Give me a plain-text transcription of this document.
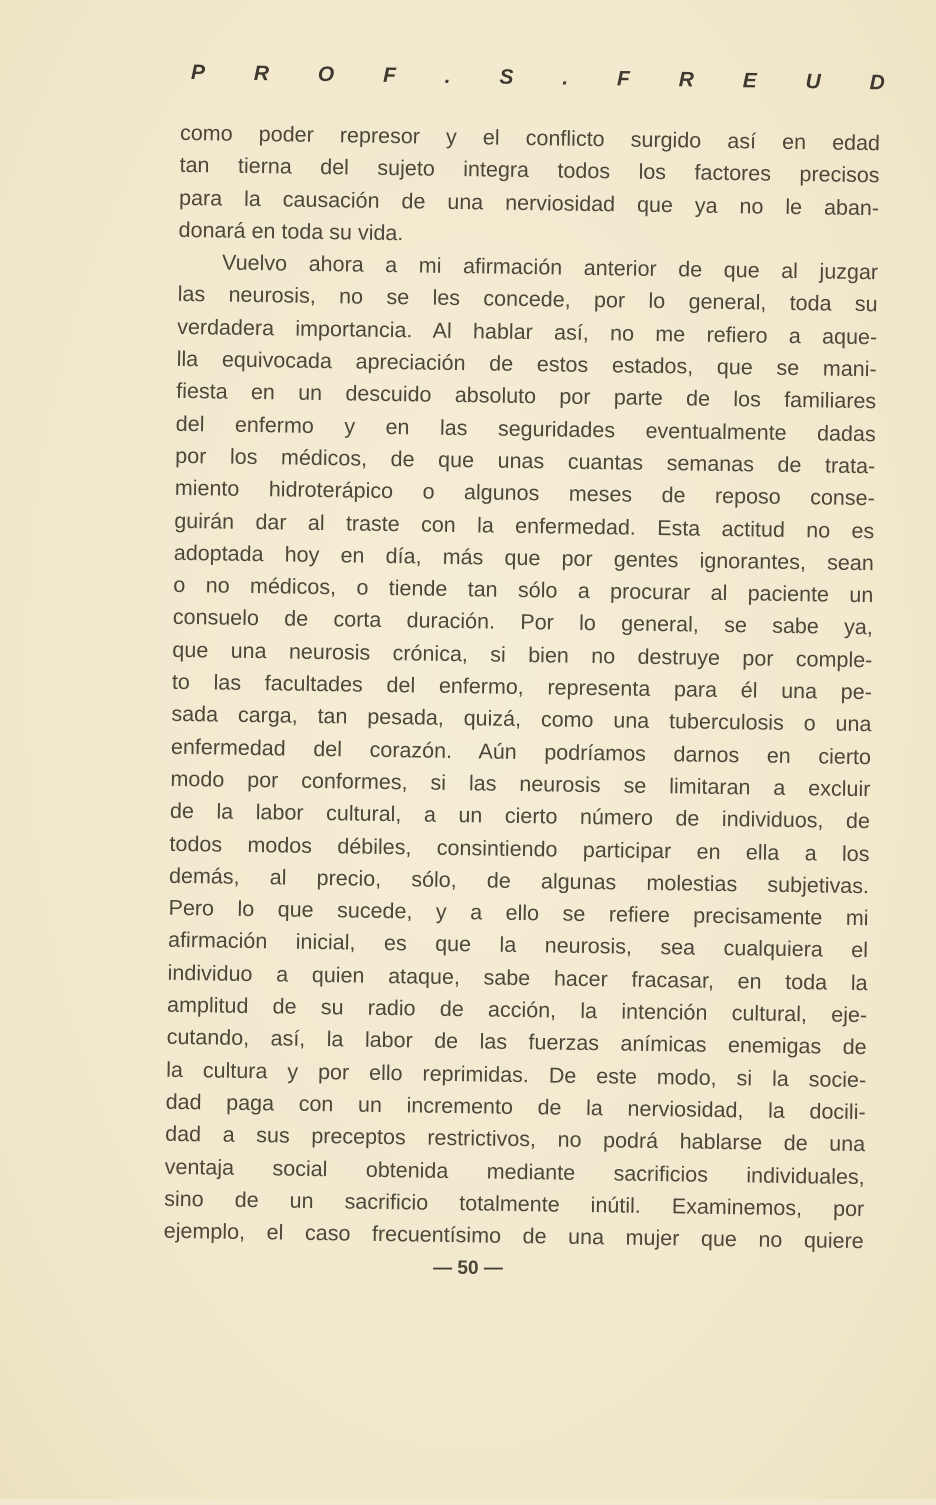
P R O F . S . F R E U D
como poder represor y el conflicto surgido así en edad
tan tierna del sujeto integra todos los factores precisos
para la causación de una nerviosidad que ya no le aban-
donará en toda su vida.
Vuelvo ahora a mi afirmación anterior de que al juzgar
las neurosis, no se les concede, por lo general, toda su
verdadera importancia. Al hablar así, no me refiero a aque-
lla equivocada apreciación de estos estados, que se mani-
fiesta en un descuido absoluto por parte de los familiares
del enfermo y en las seguridades eventualmente dadas
por los médicos, de que unas cuantas semanas de trata-
miento hidroterápico o algunos meses de reposo conse-
guirán dar al traste con la enfermedad. Esta actitud no es
adoptada hoy en día, más que por gentes ignorantes, sean
o no médicos, o tiende tan sólo a procurar al paciente un
consuelo de corta duración. Por lo general, se sabe ya,
que una neurosis crónica, si bien no destruye por comple-
to las facultades del enfermo, representa para él una pe-
sada carga, tan pesada, quizá, como una tuberculosis o una
enfermedad del corazón. Aún podríamos darnos en cierto
modo por conformes, si las neurosis se limitaran a excluir
de la labor cultural, a un cierto número de individuos, de
todos modos débiles, consintiendo participar en ella a los
demás, al precio, sólo, de algunas molestias subjetivas.
Pero lo que sucede, y a ello se refiere precisamente mi
afirmación inicial, es que la neurosis, sea cualquiera el
individuo a quien ataque, sabe hacer fracasar, en toda la
amplitud de su radio de acción, la intención cultural, eje-
cutando, así, la labor de las fuerzas anímicas enemigas de
la cultura y por ello reprimidas. De este modo, si la socie-
dad paga con un incremento de la nerviosidad, la docili-
dad a sus preceptos restrictivos, no podrá hablarse de una
ventaja social obtenida mediante sacrificios individuales,
sino de un sacrificio totalmente inútil. Examinemos, por
ejemplo, el caso frecuentísimo de una mujer que no quiere
— 50 —
